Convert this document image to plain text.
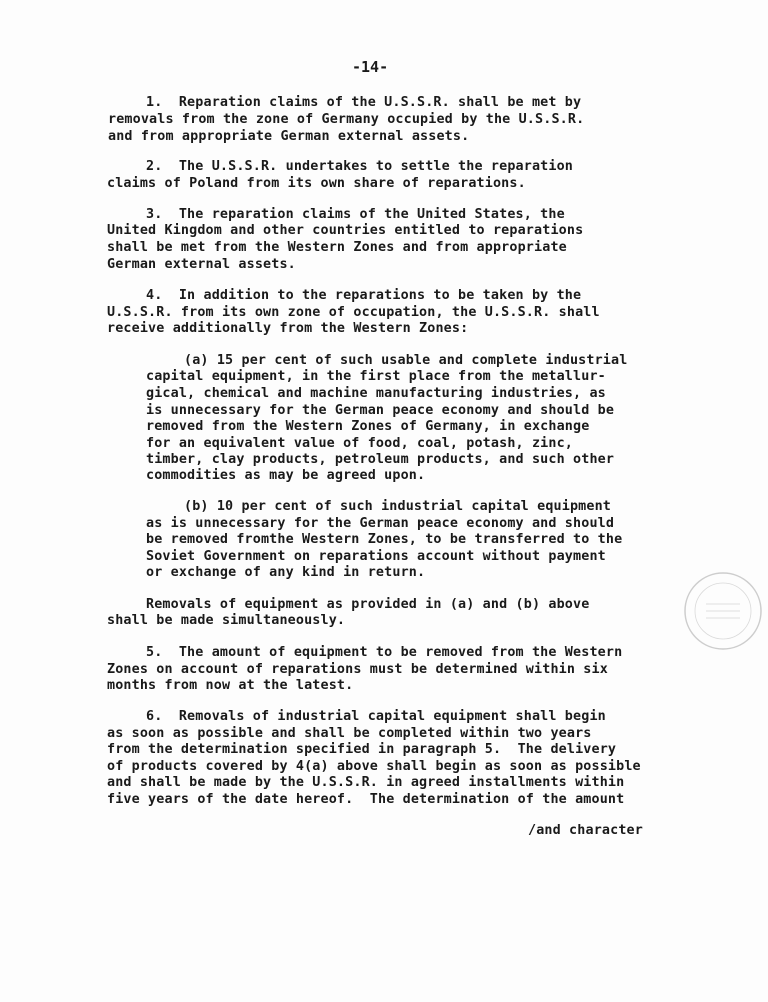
-14-
1.  Reparation claims of the U.S.S.R. shall be met by
removals from the zone of Germany occupied by the U.S.S.R.
and from appropriate German external assets.
2.  The U.S.S.R. undertakes to settle the reparation
claims of Poland from its own share of reparations.
3.  The reparation claims of the United States, the
United Kingdom and other countries entitled to reparations
shall be met from the Western Zones and from appropriate
German external assets.
4.  In addition to the reparations to be taken by the
U.S.S.R. from its own zone of occupation, the U.S.S.R. shall
receive additionally from the Western Zones:
(a) 15 per cent of such usable and complete industrial
capital equipment, in the first place from the metallur-
gical, chemical and machine manufacturing industries, as
is unnecessary for the German peace economy and should be
removed from the Western Zones of Germany, in exchange
for an equivalent value of food, coal, potash, zinc,
timber, clay products, petroleum products, and such other
commodities as may be agreed upon.
(b) 10 per cent of such industrial capital equipment
as is unnecessary for the German peace economy and should
be removed fromthe Western Zones, to be transferred to the
Soviet Government on reparations account without payment
or exchange of any kind in return.
Removals of equipment as provided in (a) and (b) above
shall be made simultaneously.
5.  The amount of equipment to be removed from the Western
Zones on account of reparations must be determined within six
months from now at the latest.
6.  Removals of industrial capital equipment shall begin
as soon as possible and shall be completed within two years
from the determination specified in paragraph 5.  The delivery
of products covered by 4(a) above shall begin as soon as possible
and shall be made by the U.S.S.R. in agreed installments within
five years of the date hereof.  The determination of the amount
/and character
